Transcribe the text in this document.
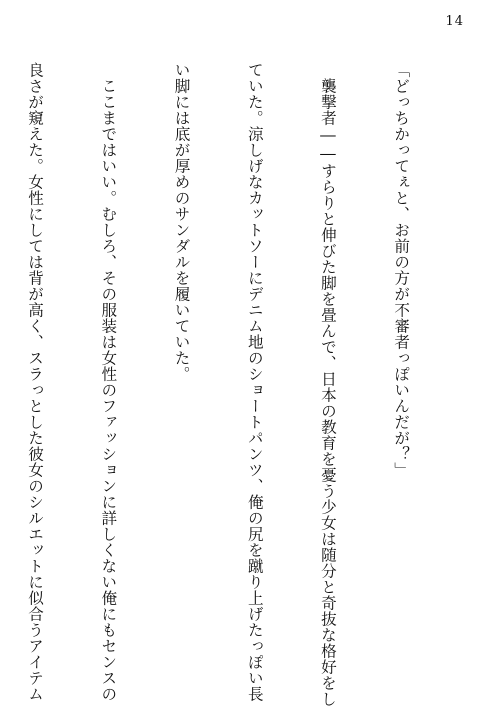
14

「どっちかってぇと、お前の方が不審者っぽいんだが？」

　襲撃者――すらりと伸びた脚を畳んで、日本の教育を憂う少女は随分と奇抜な格好をし

ていた。涼しげなカットソーにデニム地のショートパンツ、俺の尻を蹴り上げたっぽい長

い脚には底が厚めのサンダルを履いていた。

　ここまではいい。むしろ、その服装は女性のファッションに詳しくない俺にもセンスの

良さが窺えた。女性にしては背が高く、スラっとした彼女のシルエットに似合うアイテム
